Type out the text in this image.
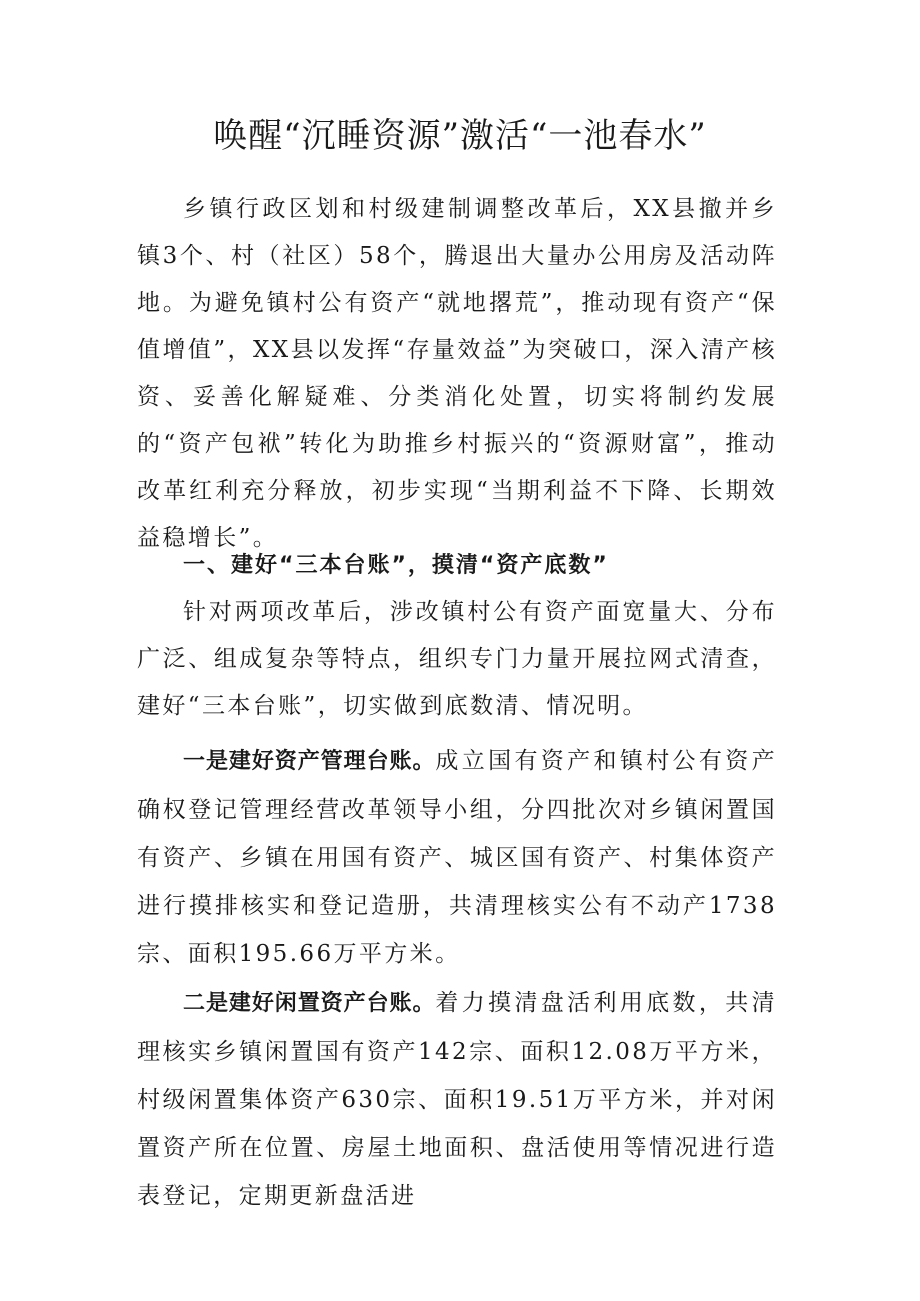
唤醒“沉睡资源”激活“一池春水”

乡镇行政区划和村级建制调整改革后，XX县撤并乡镇3个、村（社区）58个，腾退出大量办公用房及活动阵地。为避免镇村公有资产“就地撂荒”，推动现有资产“保值增值”，XX县以发挥“存量效益”为突破口，深入清产核资、妥善化解疑难、分类消化处置，切实将制约发展的“资产包袱”转化为助推乡村振兴的“资源财富”，推动改革红利充分释放，初步实现“当期利益不下降、长期效益稳增长”。

一、建好“三本台账”，摸清“资产底数”

针对两项改革后，涉改镇村公有资产面宽量大、分布广泛、组成复杂等特点，组织专门力量开展拉网式清查，建好“三本台账”，切实做到底数清、情况明。

一是建好资产管理台账。成立国有资产和镇村公有资产确权登记管理经营改革领导小组，分四批次对乡镇闲置国有资产、乡镇在用国有资产、城区国有资产、村集体资产进行摸排核实和登记造册，共清理核实公有不动产1738宗、面积195.66万平方米。

二是建好闲置资产台账。着力摸清盘活利用底数，共清理核实乡镇闲置国有资产142宗、面积12.08万平方米，村级闲置集体资产630宗、面积19.51万平方米，并对闲置资产所在位置、房屋土地面积、盘活使用等情况进行造表登记，定期更新盘活进
